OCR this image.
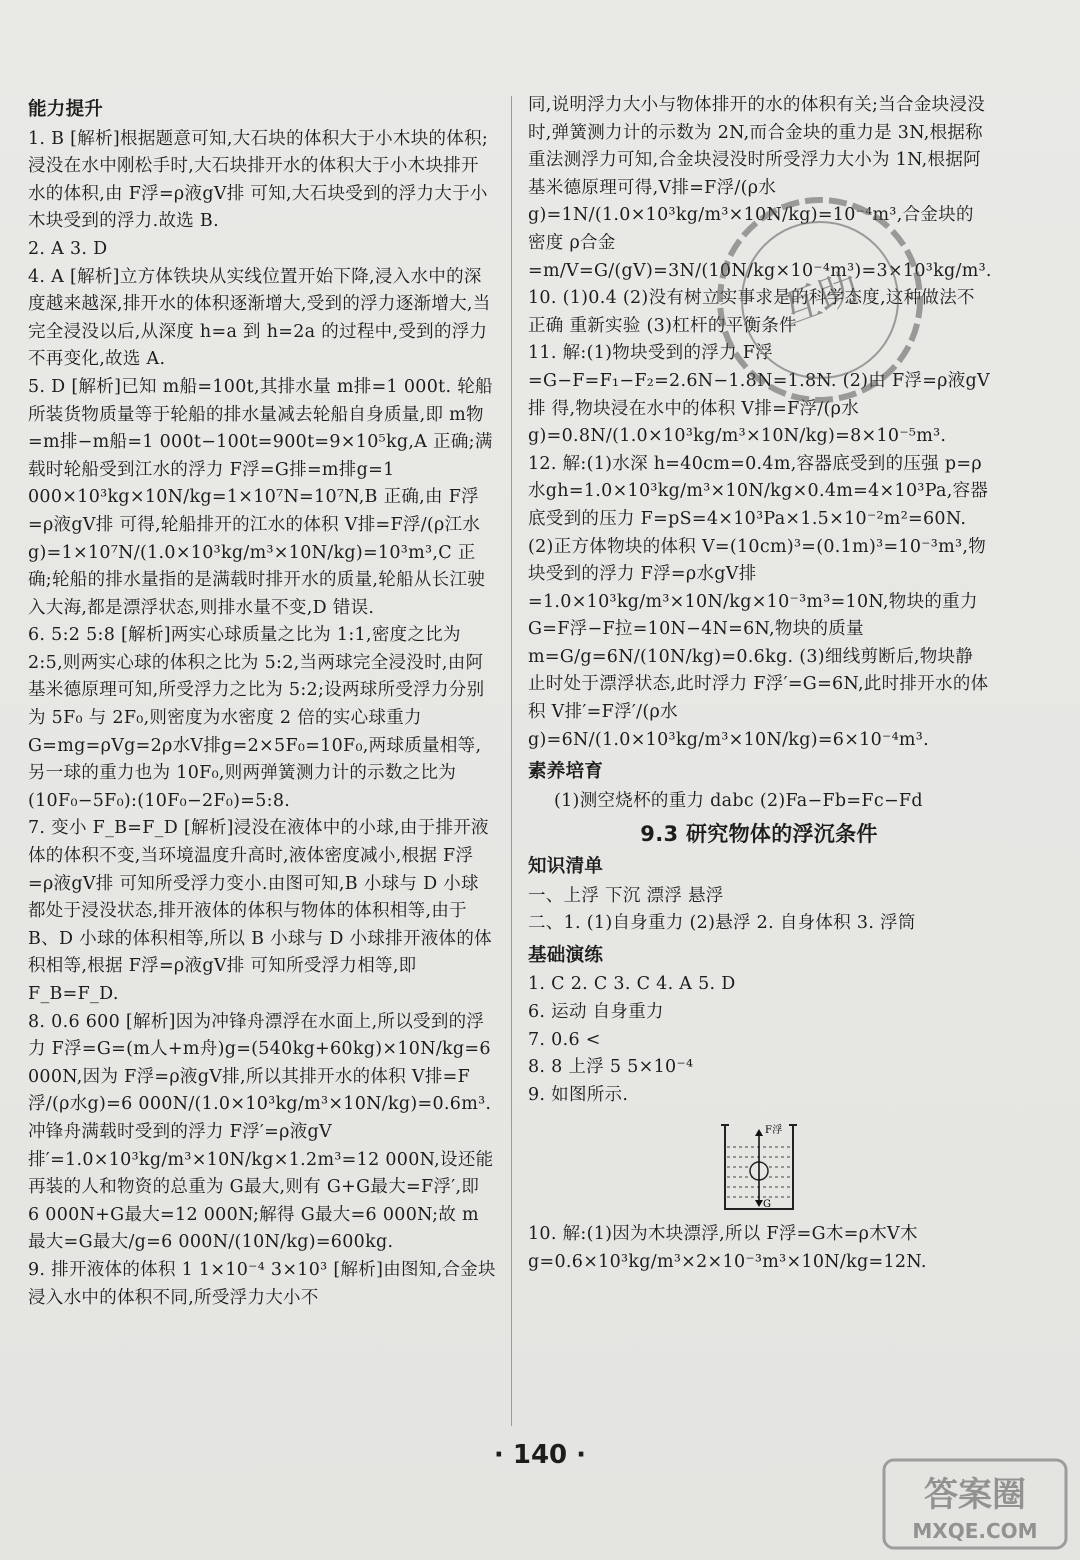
能力提升

1. B [解析]根据题意可知,大石块的体积大于小木块的体积;浸没在水中刚松手时,大石块排开水的体积大于小木块排开水的体积,由 F浮=ρ液gV排 可知,大石块受到的浮力大于小木块受到的浮力.故选 B.

2. A 3. D

4. A [解析]立方体铁块从实线位置开始下降,浸入水中的深度越来越深,排开水的体积逐渐增大,受到的浮力逐渐增大,当完全浸没以后,从深度 h=a 到 h=2a 的过程中,受到的浮力不再变化,故选 A.

5. D [解析]已知 m船=100t,其排水量 m排=1 000t. 轮船所装货物质量等于轮船的排水量减去轮船自身质量,即 m物=m排−m船=1 000t−100t=900t=9×10⁵kg,A 正确;满载时轮船受到江水的浮力 F浮=G排=m排g=1 000×10³kg×10N/kg=1×10⁷N=10⁷N,B 正确,由 F浮=ρ液gV排 可得,轮船排开的江水的体积 V排=F浮/(ρ江水g)=1×10⁷N/(1.0×10³kg/m³×10N/kg)=10³m³,C 正确;轮船的排水量指的是满载时排开水的质量,轮船从长江驶入大海,都是漂浮状态,则排水量不变,D 错误.

6. 5:2 5:8 [解析]两实心球质量之比为 1:1,密度之比为 2:5,则两实心球的体积之比为 5:2,当两球完全浸没时,由阿基米德原理可知,所受浮力之比为 5:2;设两球所受浮力分别为 5F₀ 与 2F₀,则密度为水密度 2 倍的实心球重力 G=mg=ρVg=2ρ水V排g=2×5F₀=10F₀,两球质量相等,另一球的重力也为 10F₀,则两弹簧测力计的示数之比为(10F₀−5F₀):(10F₀−2F₀)=5:8.

7. 变小 F_B=F_D [解析]浸没在液体中的小球,由于排开液体的体积不变,当环境温度升高时,液体密度减小,根据 F浮=ρ液gV排 可知所受浮力变小.由图可知,B 小球与 D 小球都处于浸没状态,排开液体的体积与物体的体积相等,由于 B、D 小球的体积相等,所以 B 小球与 D 小球排开液体的体积相等,根据 F浮=ρ液gV排 可知所受浮力相等,即 F_B=F_D.

8. 0.6 600 [解析]因为冲锋舟漂浮在水面上,所以受到的浮力 F浮=G=(m人+m舟)g=(540kg+60kg)×10N/kg=6 000N,因为 F浮=ρ液gV排,所以其排开水的体积 V排=F浮/(ρ水g)=6 000N/(1.0×10³kg/m³×10N/kg)=0.6m³. 冲锋舟满载时受到的浮力 F浮′=ρ液gV排′=1.0×10³kg/m³×10N/kg×1.2m³=12 000N,设还能再装的人和物资的总重为 G最大,则有 G+G最大=F浮′,即 6 000N+G最大=12 000N;解得 G最大=6 000N;故 m最大=G最大/g=6 000N/(10N/kg)=600kg.

9. 排开液体的体积 1 1×10⁻⁴ 3×10³ [解析]由图知,合金块浸入水中的体积不同,所受浮力大小不

同,说明浮力大小与物体排开的水的体积有关;当合金块浸没时,弹簧测力计的示数为 2N,而合金块的重力是 3N,根据称重法测浮力可知,合金块浸没时所受浮力大小为 1N,根据阿基米德原理可得,V排=F浮/(ρ水g)=1N/(1.0×10³kg/m³×10N/kg)=10⁻⁴m³,合金块的密度 ρ合金=m/V=G/(gV)=3N/(10N/kg×10⁻⁴m³)=3×10³kg/m³.

10. (1)0.4 (2)没有树立实事求是的科学态度,这种做法不正确 重新实验 (3)杠杆的平衡条件

11. 解:(1)物块受到的浮力 F浮=G−F=F₁−F₂=2.6N−1.8N=1.8N. (2)由 F浮=ρ液gV排 得,物块浸在水中的体积 V排=F浮/(ρ水g)=0.8N/(1.0×10³kg/m³×10N/kg)=8×10⁻⁵m³.

12. 解:(1)水深 h=40cm=0.4m,容器底受到的压强 p=ρ水gh=1.0×10³kg/m³×10N/kg×0.4m=4×10³Pa,容器底受到的压力 F=pS=4×10³Pa×1.5×10⁻²m²=60N. (2)正方体物块的体积 V=(10cm)³=(0.1m)³=10⁻³m³,物块受到的浮力 F浮=ρ水gV排=1.0×10³kg/m³×10N/kg×10⁻³m³=10N,物块的重力 G=F浮−F拉=10N−4N=6N,物块的质量 m=G/g=6N/(10N/kg)=0.6kg. (3)细线剪断后,物块静止时处于漂浮状态,此时浮力 F浮′=G=6N,此时排开水的体积 V排′=F浮′/(ρ水g)=6N/(1.0×10³kg/m³×10N/kg)=6×10⁻⁴m³.

素养培育

(1)测空烧杯的重力 dabc (2)Fa−Fb=Fc−Fd

9.3 研究物体的浮沉条件
知识清单

一、上浮 下沉 漂浮 悬浮

二、1. (1)自身重力 (2)悬浮 2. 自身体积 3. 浮筒

基础演练

1. C 2. C 3. C 4. A 5. D

6. 运动 自身重力

7. 0.6 <

8. 8 上浮 5 5×10⁻⁴

9. 如图所示.

F浮
G

10. 解:(1)因为木块漂浮,所以 F浮=G木=ρ木V木g=0.6×10³kg/m³×2×10⁻³m³×10N/kg=12N.

互助
· 140 ·
答案圈
MXQE.COM
